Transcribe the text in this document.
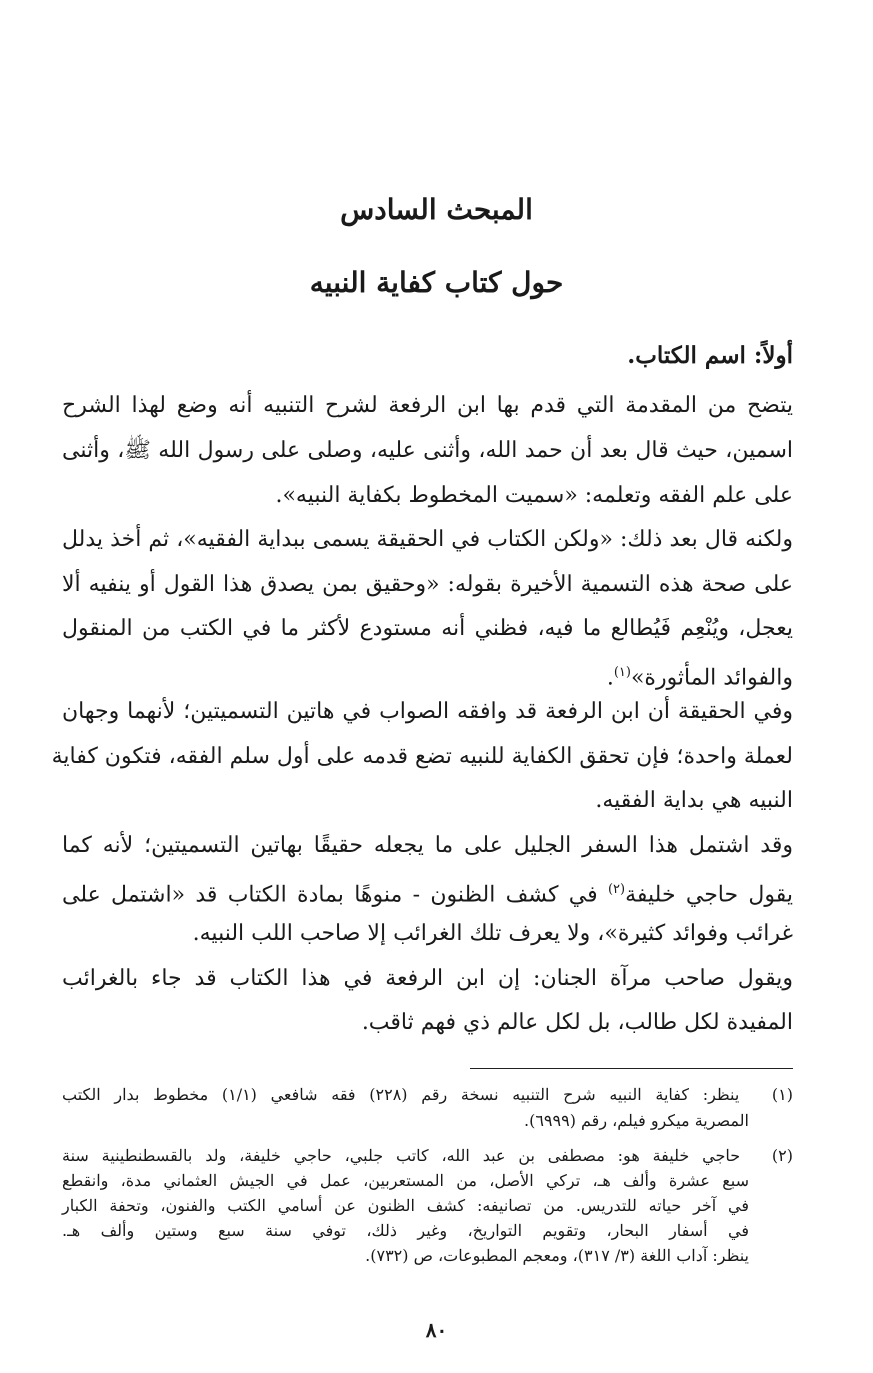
المبحث السادس
حول كتاب كفاية النبيه
أولاً: اسم الكتاب.
يتضح من المقدمة التي قدم بها ابن الرفعة لشرح التنبيه أنه وضع لهذا الشرح
اسمين، حيث قال بعد أن حمد الله، وأثنى عليه، وصلى على رسول الله ﷺ، وأثنى
على علم الفقه وتعلمه: «سميت المخطوط بكفاية النبيه».
ولكنه قال بعد ذلك: «ولكن الكتاب في الحقيقة يسمى ببداية الفقيه»، ثم أخذ يدلل
على صحة هذه التسمية الأخيرة بقوله: «وحقيق بمن يصدق هذا القول أو ينفيه ألا
يعجل، ويُنْعِم فَيُطالع ما فيه، فظني أنه مستودع لأكثر ما في الكتب من المنقول
والفوائد المأثورة»$^{(١)}$.
وفي الحقيقة أن ابن الرفعة قد وافقه الصواب في هاتين التسميتين؛ لأنهما وجهان
لعملة واحدة؛ فإن تحقق الكفاية للنبيه تضع قدمه على أول سلم الفقه، فتكون كفاية
النبيه هي بداية الفقيه.
وقد اشتمل هذا السفر الجليل على ما يجعله حقيقًا بهاتين التسميتين؛ لأنه كما
يقول حاجي خليفة$^{(٢)}$ في كشف الظنون - منوهًا بمادة الكتاب قد «اشتمل على
غرائب وفوائد كثيرة»، ولا يعرف تلك الغرائب إلا صاحب اللب النبيه.
ويقول صاحب مرآة الجنان: إن ابن الرفعة في هذا الكتاب قد جاء بالغرائب
المفيدة لكل طالب، بل لكل عالم ذي فهم ثاقب.
(١) ينظر: كفاية النبيه شرح التنبيه نسخة رقم (٢٢٨) فقه شافعي (١/١) مخطوط بدار الكتب
المصرية ميكرو فيلم، رقم (٦٩٩٩).
(٢) حاجي خليفة هو: مصطفى بن عبد الله، كاتب جلبي، حاجي خليفة، ولد بالقسطنطينية سنة
سبع عشرة وألف هـ، تركي الأصل، من المستعربين، عمل في الجيش العثماني مدة، وانقطع
في آخر حياته للتدريس. من تصانيفه: كشف الظنون عن أسامي الكتب والفنون، وتحفة الكبار
في أسفار البحار، وتقويم التواريخ، وغير ذلك، توفي سنة سبع وستين وألف هـ.
ينظر: آداب اللغة (٣/ ٣١٧)، ومعجم المطبوعات، ص (٧٣٢).
٨٠
